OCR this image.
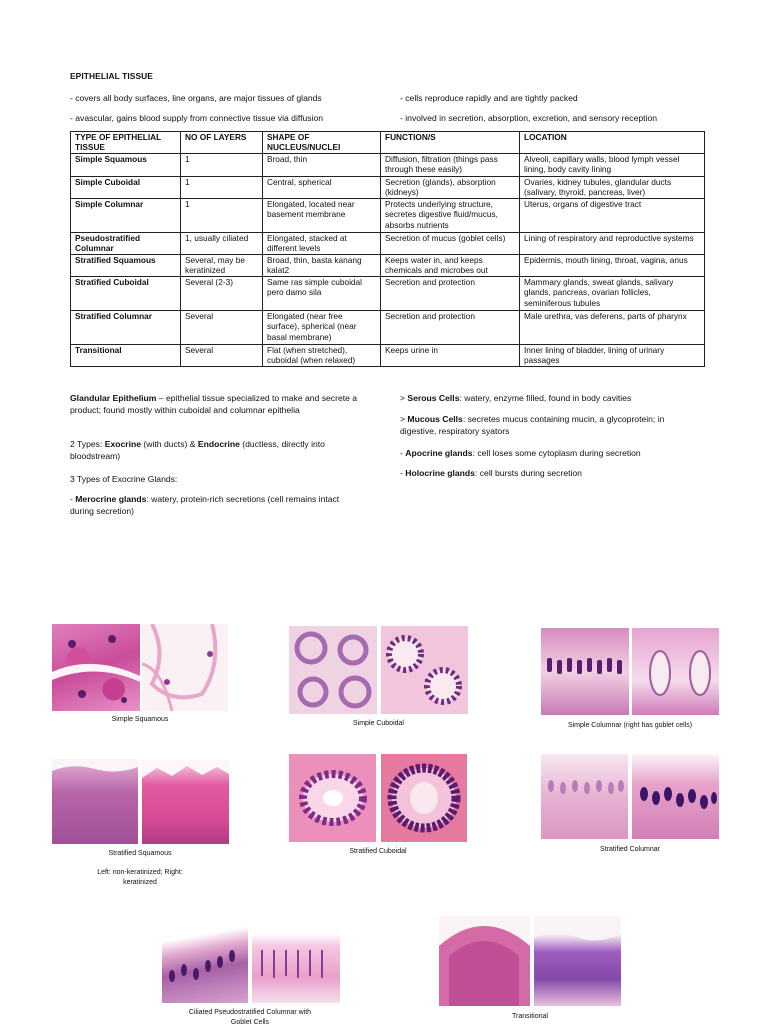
EPITHELIAL TISSUE
- covers all body surfaces, line organs, are major tissues of glands	- cells reproduce rapidly and are tightly packed
- avascular, gains blood supply from connective tissue via diffusion	- involved in secretion, absorption, excretion, and sensory reception
TYPE OF EPITHELIAL TISSUE	NO OF LAYERS	SHAPE OF NUCLEUS/NUCLEI	FUNCTION/S	LOCATION
Simple Squamous	1	Broad, thin	Diffusion, filtration (things pass through these easily)	Alveoli, capillary walls, blood lymph vessel lining, body cavity lining
Simple Cuboidal	1	Central, spherical	Secretion (glands), absorption (kidneys)	Ovaries, kidney tubules, glandular ducts (salivary, thyroid, pancreas, liver)
Simple Columnar	1	Elongated, located near basement membrane	Protects underlying structure, secretes digestive fluid/mucus, absorbs nutrients	Uterus, organs of digestive tract
Pseudostratified Columnar	1, usually ciliated	Elongated, stacked at different levels	Secretion of mucus (goblet cells)	Lining of respiratory and reproductive systems
Stratified Squamous	Several, may be keratinized	Broad, thin, basta kanang kalat2	Keeps water in, and keeps chemicals and microbes out	Epidermis, mouth lining, throat, vagina, anus
Stratified Cuboidal	Several (2-3)	Same ras simple cuboidal pero damo sila	Secretion and protection	Mammary glands, sweat glands, salivary glands, pancreas, ovarian follicles, seminiferous tubules
Stratified Columnar	Several	Elongated (near free surface), spherical (near basal membrane)	Secretion and protection	Male urethra, vas deferens, parts of pharynx
Transitional	Several	Flat (when stretched), cuboidal (when relaxed)	Keeps urine in	Inner lining of bladder, lining of urinary passages
Glandular Epithelium – epithelial tissue specialized to make and secrete a product; found mostly within cuboidal and columnar epithelia
2 Types: Exocrine (with ducts) & Endocrine (ductless, directly into bloodstream)
3 Types of Exocrine Glands:
- Merocrine glands: watery, protein-rich secretions (cell remains intact during secretion)
> Serous Cells: watery, enzyme filled, found in body cavities
> Mucous Cells: secretes mucus containing mucin, a glycoprotein; in digestive, respiratory syators
- Apocrine glands: cell loses some cytoplasm during secretion
- Holocrine glands: cell bursts during secretion
Simple Squamous
Simple Cuboidal	Simple Columnar (right has goblet cells)
Stratified Squamous
Left: non-keratinized; Right: keratinized
Stratified Cuboidal	Stratified Columnar
Ciliated Pseudostratified Columnar with Goblet Cells
Transitional
